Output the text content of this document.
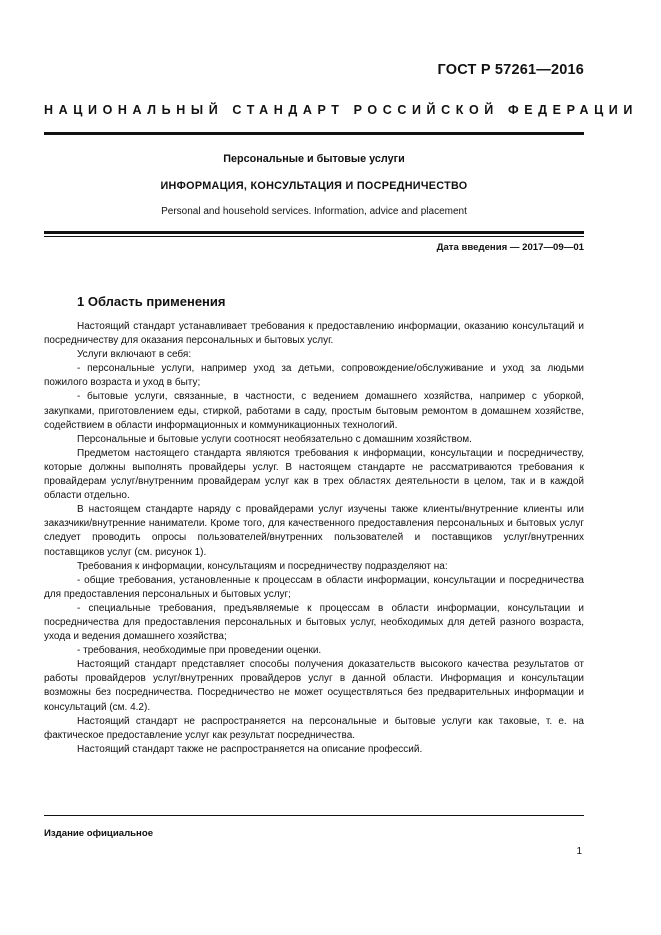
ГОСТ Р 57261—2016
НАЦИОНАЛЬНЫЙ СТАНДАРТ РОССИЙСКОЙ ФЕДЕРАЦИИ
Персональные и бытовые услуги
ИНФОРМАЦИЯ, КОНСУЛЬТАЦИЯ И ПОСРЕДНИЧЕСТВО
Personal and household services. Information, advice and placement
Дата введения — 2017—09—01
1 Область применения

Настоящий стандарт устанавливает требования к предоставлению информации, оказанию консультаций и посредничеству для оказания персональных и бытовых услуг.

Услуги включают в себя:

- персональные услуги, например уход за детьми, сопровождение/обслуживание и уход за людьми пожилого возраста и уход в быту;

- бытовые услуги, связанные, в частности, с ведением домашнего хозяйства, например с уборкой, закупками, приготовлением еды, стиркой, работами в саду, простым бытовым ремонтом в домашнем хозяйстве, содействием в области информационных и коммуникационных технологий.

Персональные и бытовые услуги соотносят необязательно с домашним хозяйством.

Предметом настоящего стандарта являются требования к информации, консультации и посредничеству, которые должны выполнять провайдеры услуг. В настоящем стандарте не рассматриваются требования к провайдерам услуг/внутренним провайдерам услуг как в трех областях деятельности в целом, так и в каждой области отдельно.

В настоящем стандарте наряду с провайдерами услуг изучены также клиенты/внутренние клиенты или заказчики/внутренние наниматели. Кроме того, для качественного предоставления персональных и бытовых услуг следует проводить опросы пользователей/внутренних пользователей и поставщиков услуг/внутренних поставщиков услуг (см. рисунок 1).

Требования к информации, консультациям и посредничеству подразделяют на:

- общие требования, установленные к процессам в области информации, консультации и посредничества для предоставления персональных и бытовых услуг;

- специальные требования, предъявляемые к процессам в области информации, консультации и посредничества для предоставления персональных и бытовых услуг, необходимых для детей разного возраста, ухода и ведения домашнего хозяйства;

- требования, необходимые при проведении оценки.

Настоящий стандарт представляет способы получения доказательств высокого качества результатов от работы провайдеров услуг/внутренних провайдеров услуг в данной области. Информация и консультации возможны без посредничества. Посредничество не может осуществляться без предварительных информации и консультаций (см. 4.2).

Настоящий стандарт не распространяется на персональные и бытовые услуги как таковые, т. е. на фактическое предоставление услуг как результат посредничества.

Настоящий стандарт также не распространяется на описание профессий.

Издание официальное
1
